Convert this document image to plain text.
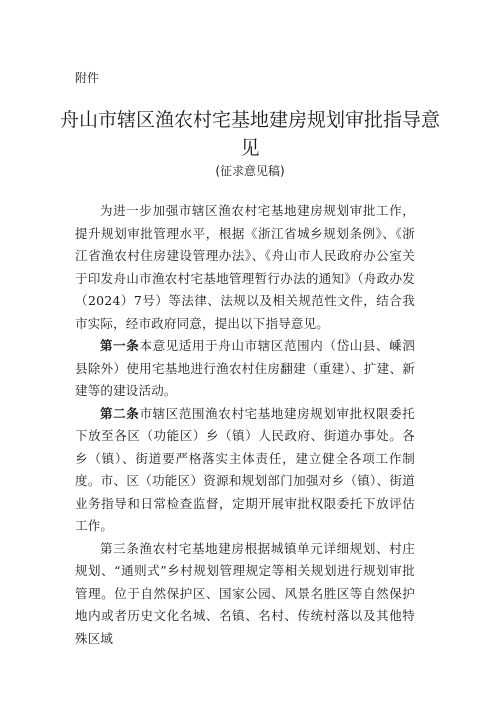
附件
舟山市辖区渔农村宅基地建房规划审批指导意见
(征求意见稿)

为进一步加强市辖区渔农村宅基地建房规划审批工作，提升规划审批管理水平，根据《浙江省城乡规划条例》、《浙江省渔农村住房建设管理办法》、《舟山市人民政府办公室关于印发舟山市渔农村宅基地管理暂行办法的通知》（舟政办发（2024）7号）等法律、法规以及相关规范性文件，结合我市实际，经市政府同意，提出以下指导意见。

第一条本意见适用于舟山市辖区范围内（岱山县、嵊泗县除外）使用宅基地进行渔农村住房翻建（重建）、扩建、新建等的建设活动。

第二条市辖区范围渔农村宅基地建房规划审批权限委托下放至各区（功能区）乡（镇）人民政府、街道办事处。各乡（镇）、街道要严格落实主体责任，建立健全各项工作制度。市、区（功能区）资源和规划部门加强对乡（镇）、街道业务指导和日常检查监督，定期开展审批权限委托下放评估工作。

第三条渔农村宅基地建房根据城镇单元详细规划、村庄规划、“通则式”乡村规划管理规定等相关规划进行规划审批管理。位于自然保护区、国家公园、风景名胜区等自然保护地内或者历史文化名城、名镇、名村、传统村落以及其他特殊区域
